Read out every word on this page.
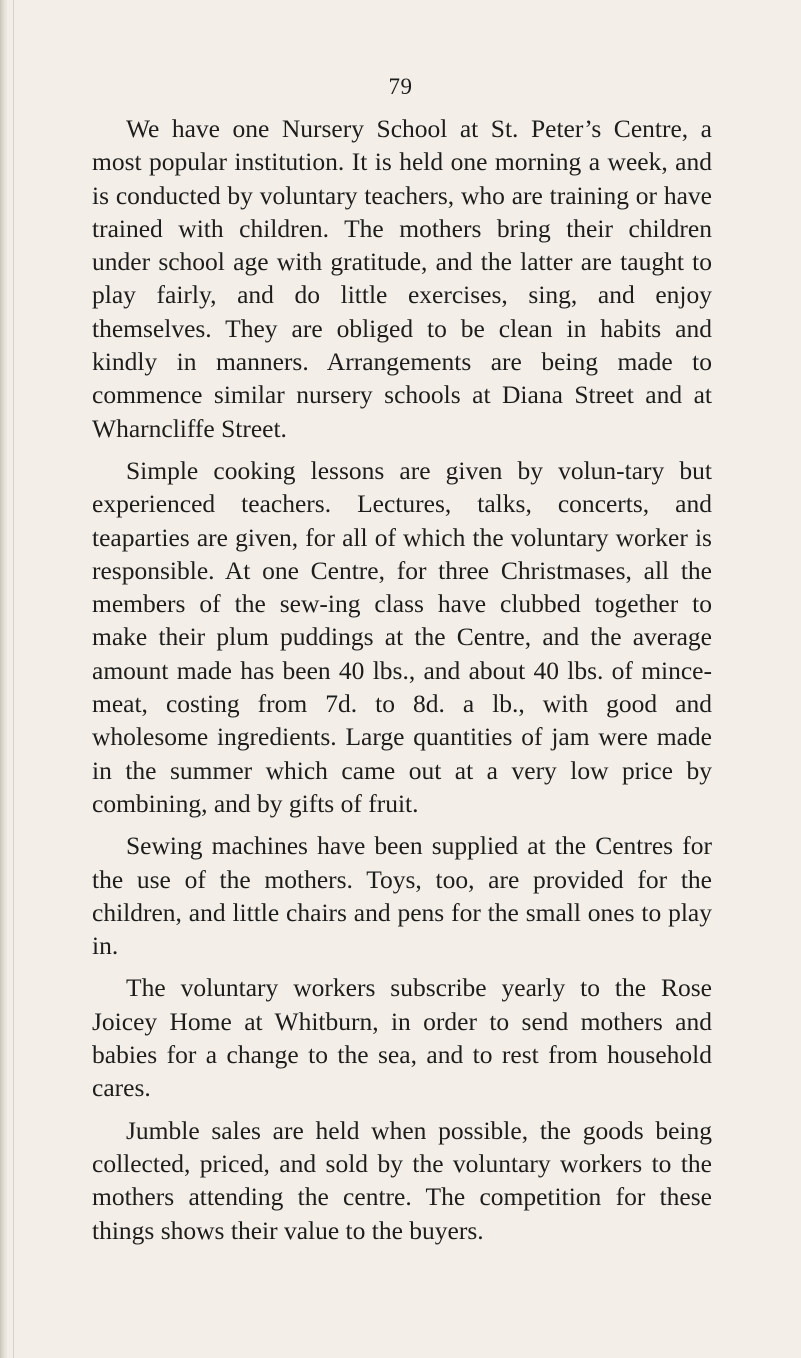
79

We have one Nursery School at St. Peter’s Centre, a most popular institution. It is held one morning a week, and is conducted by voluntary teachers, who are training or have trained with children. The mothers bring their children under school age with gratitude, and the latter are taught to play fairly, and do little exercises, sing, and enjoy themselves. They are obliged to be clean in habits and kindly in manners. Arrangements are being made to commence similar nursery schools at Diana Street and at Wharncliffe Street.

Simple cooking lessons are given by volun-tary but experienced teachers. Lectures, talks, concerts, and teaparties are given, for all of which the voluntary worker is responsible. At one Centre, for three Christmases, all the members of the sew-ing class have clubbed together to make their plum puddings at the Centre, and the average amount made has been 40 lbs., and about 40 lbs. of mince-meat, costing from 7d. to 8d. a lb., with good and wholesome ingredients. Large quantities of jam were made in the summer which came out at a very low price by combining, and by gifts of fruit.

Sewing machines have been supplied at the Centres for the use of the mothers. Toys, too, are provided for the children, and little chairs and pens for the small ones to play in.

The voluntary workers subscribe yearly to the Rose Joicey Home at Whitburn, in order to send mothers and babies for a change to the sea, and to rest from household cares.

Jumble sales are held when possible, the goods being collected, priced, and sold by the voluntary workers to the mothers attending the centre. The competition for these things shows their value to the buyers.
